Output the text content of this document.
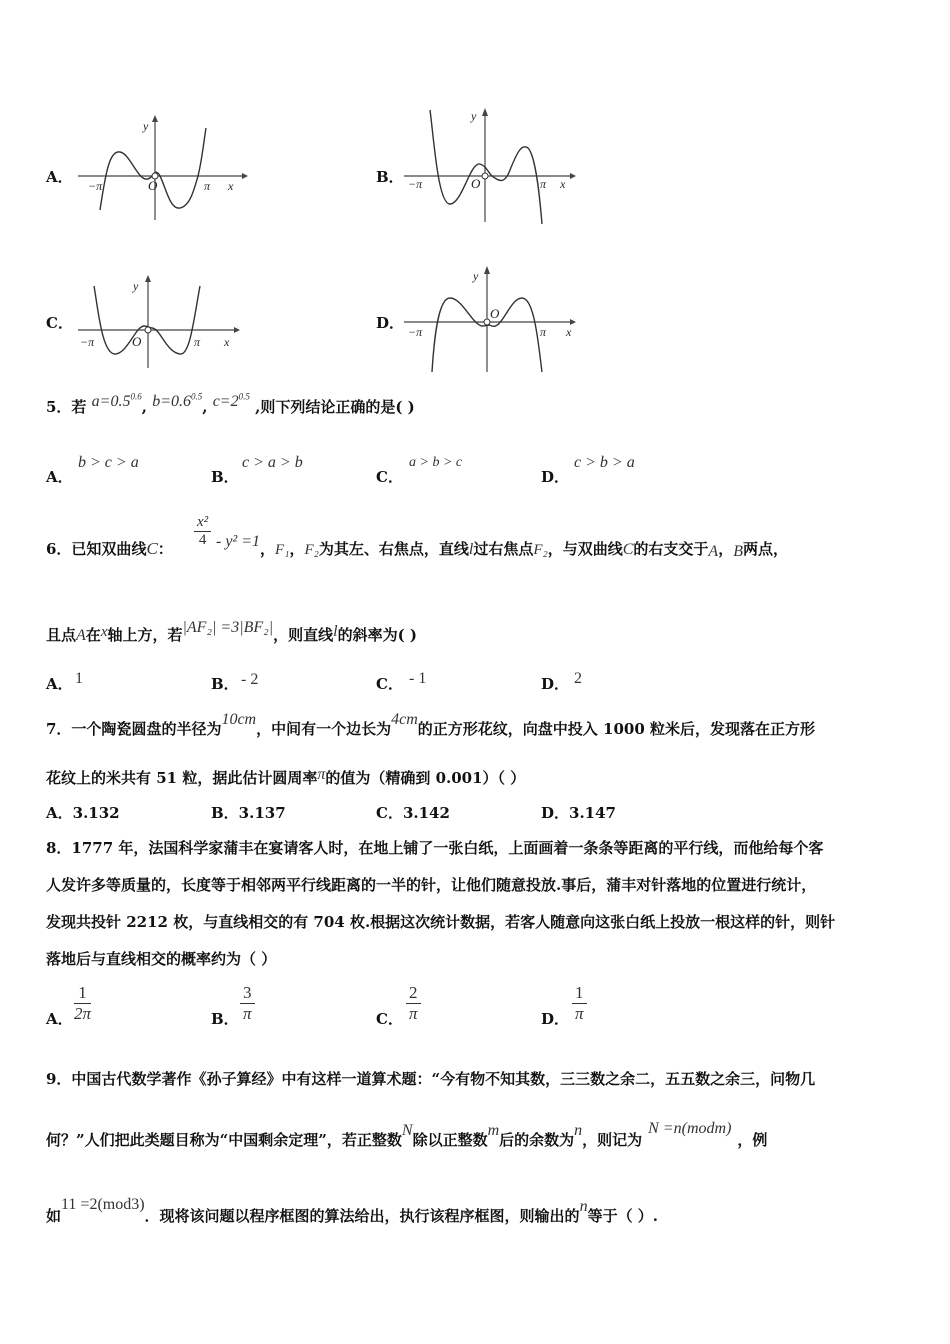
A．
y
O
−π	π x	B．
y
O
−π	π x
C．
y
O
−π	π x
D．
y
O
−π	π x
5．若 $a=0.5^{0.6}$, $b=0.6^{0.5}$, $c=2^{0.5}$ ,则下列结论正确的是( )
A．
b > c > a
B．
c > a > b
C．
a > b > c
D．
c > b > a
6．已知双曲线C： $\frac{\text{x²}}{4} - y^2 =1$，F₁，F₂为其左、右焦点，直线l过右焦点F₂，与双曲线C的右支交于A，B两点，
且点A在x轴上方，若|AF₂| =3|BF₂|，则直线l的斜率为( )
A． 1	B． - 2	C． - 1	D． 2
7．一个陶瓷圆盘的半径为10cm，中间有一个边长为4cm的正方形花纹，向盘中投入 1000 粒米后，发现落在正方形
花纹上的米共有 51 粒，据此估计圆周率π的值为（精确到 0.001）（ ）
A．3.132	B．3.137	C．3.142	D．3.147
8．1777 年，法国科学家蒲丰在宴请客人时，在地上铺了一张白纸，上面画着一条条等距离的平行线，而他给每个客
人发许多等质量的，长度等于相邻两平行线距离的一半的针，让他们随意投放.事后，蒲丰对针落地的位置进行统计，
发现共投针 2212 枚，与直线相交的有 704 枚.根据这次统计数据，若客人随意向这张白纸上投放一根这样的针，则针
落地后与直线相交的概率约为（ ）
A． $\frac{1}{2\pi}$	B． $\frac{3}{\pi}$	C． $\frac{2}{\pi}$	D． $\frac{1}{\pi}$
9．中国古代数学著作《孙子算经》中有这样一道算术题：“今有物不知其数，三三数之余二，五五数之余三，问物几
何？”人们把此类题目称为“中国剩余定理”，若正整数N除以正整数m后的余数为n，则记为N =n(modm)，例
如11 =2(mod3)．现将该问题以程序框图的算法给出，执行该程序框图，则输出的n等于（ ）.
